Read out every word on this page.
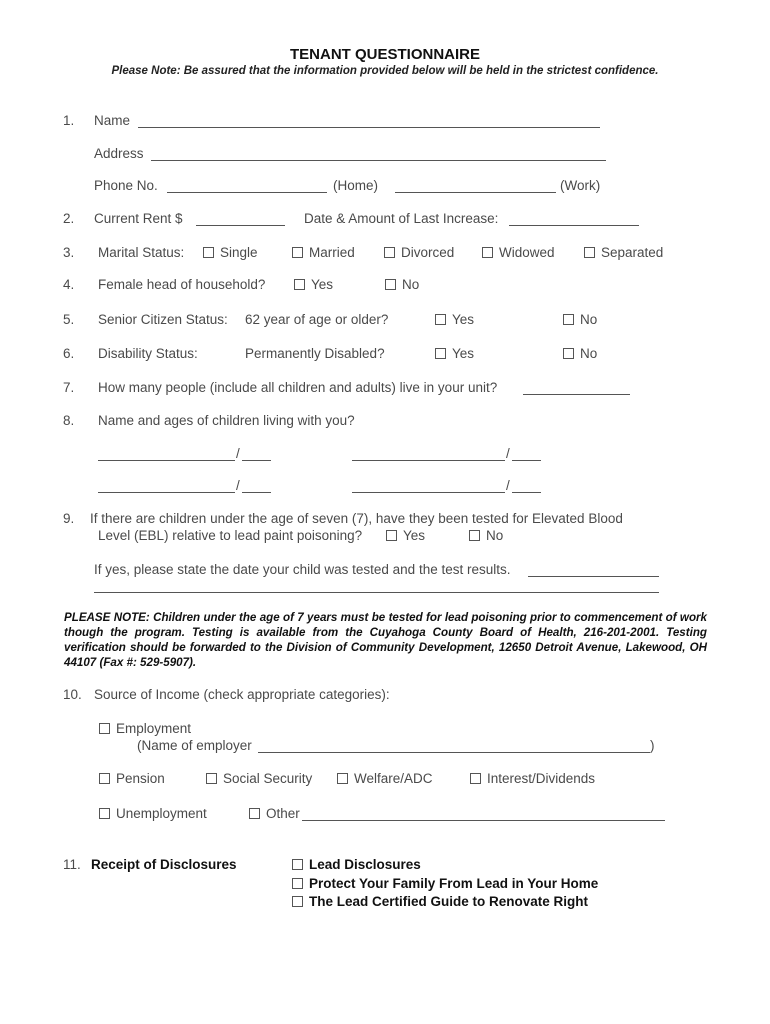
TENANT QUESTIONNAIRE
Please Note: Be assured that the information provided below will be held in the strictest confidence.
1. Name
Address
Phone No.	(Home)	(Work)
2. Current Rent $	Date & Amount of Last Increase:
3. Marital Status:	Single	Married	Divorced	Widowed	Separated
4. Female head of household?	Yes	No
5. Senior Citizen Status: 62 year of age or older?	Yes	No
6. Disability Status:	Permanently Disabled?	Yes	No
7. How many people (include all children and adults) live in your unit?
8. Name and ages of children living with you?
/	/
/	/
9. If there are children under the age of seven (7), have they been tested for Elevated Blood
Level (EBL) relative to lead paint poisoning?	Yes	No
If yes, please state the date your child was tested and the test results.
PLEASE NOTE: Children under the age of 7 years must be tested for lead poisoning prior to commencement of work though the program. Testing is available from the Cuyahoga County Board of Health, 216-201-2001. Testing verification should be forwarded to the Division of Community Development, 12650 Detroit Avenue, Lakewood, OH 44107 (Fax #: 529-5907).
10. Source of Income (check appropriate categories):
Employment
(Name of employer	)
Pension	Social Security	Welfare/ADC	Interest/Dividends
Unemployment	Other
11. Receipt of Disclosures	Lead Disclosures
Protect Your Family From Lead in Your Home
The Lead Certified Guide to Renovate Right
